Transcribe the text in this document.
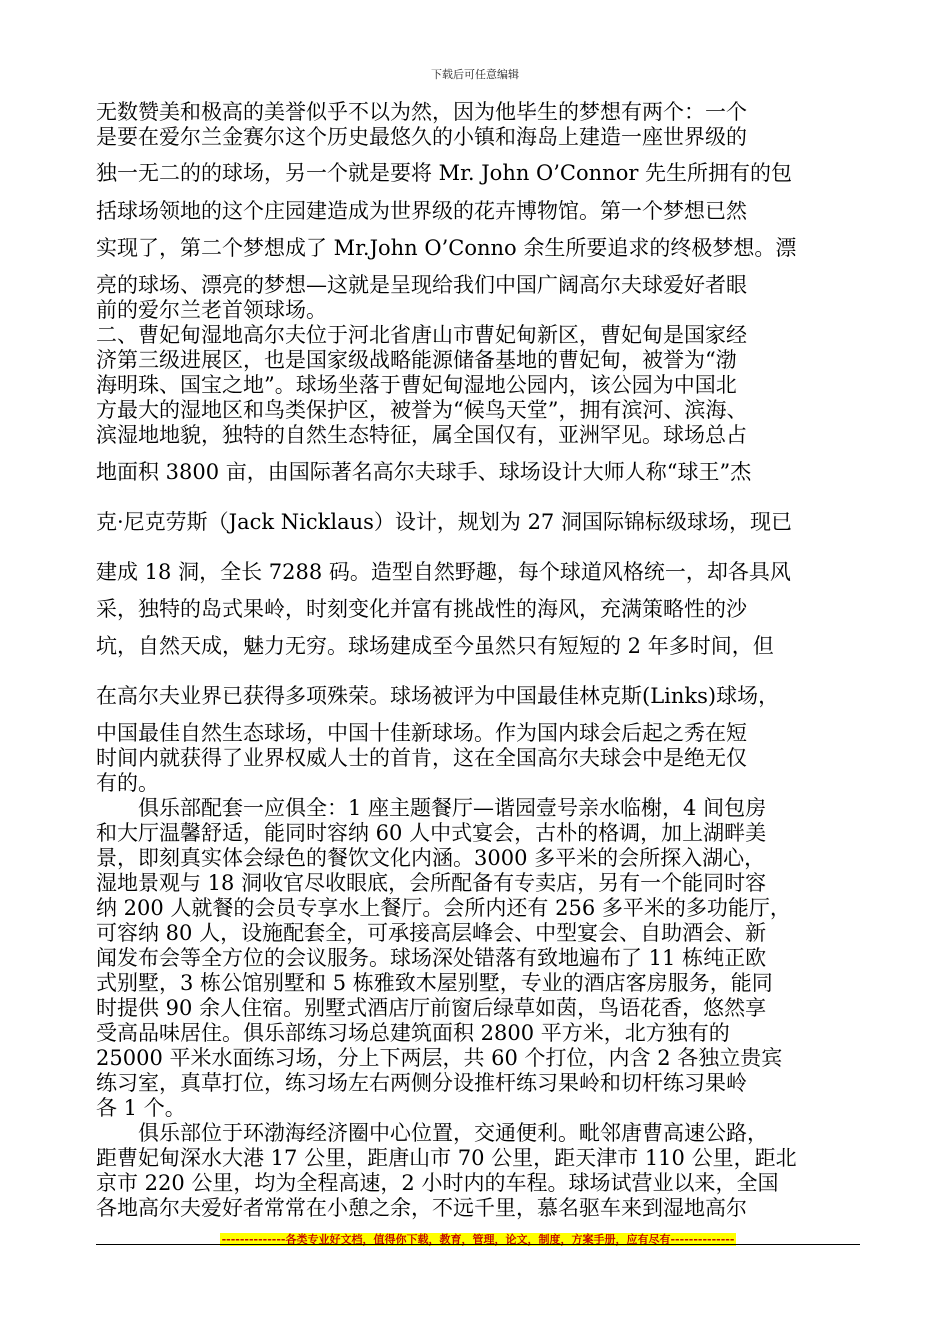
下载后可任意编辑
无数赞美和极高的美誉似乎不以为然，因为他毕生的梦想有两个：一个
是要在爱尔兰金赛尔这个历史最悠久的小镇和海岛上建造一座世界级的
独一无二的的球场，另一个就是要将 Mr. John O’Connor 先生所拥有的包
括球场领地的这个庄园建造成为世界级的花卉博物馆。第一个梦想已然
实现了，第二个梦想成了 Mr.John O’Conno 余生所要追求的终极梦想。漂
亮的球场、漂亮的梦想—这就是呈现给我们中国广阔高尔夫球爱好者眼
前的爱尔兰老首领球场。
二、曹妃甸湿地高尔夫位于河北省唐山市曹妃甸新区，曹妃甸是国家经
济第三级进展区，也是国家级战略能源储备基地的曹妃甸，被誉为“渤
海明珠、国宝之地”。球场坐落于曹妃甸湿地公园内，该公园为中国北
方最大的湿地区和鸟类保护区，被誉为“候鸟天堂”，拥有滨河、滨海、
滨湿地地貌，独特的自然生态特征，属全国仅有，亚洲罕见。球场总占
地面积 3800 亩，由国际著名高尔夫球手、球场设计大师人称“球王”杰
克·尼克劳斯（Jack Nicklaus）设计，规划为 27 洞国际锦标级球场，现已
建成 18 洞，全长 7288 码。造型自然野趣，每个球道风格统一，却各具风
采，独特的岛式果岭，时刻变化并富有挑战性的海风，充满策略性的沙
坑，自然天成，魅力无穷。球场建成至今虽然只有短短的 2 年多时间，但
在高尔夫业界已获得多项殊荣。球场被评为中国最佳林克斯(Links)球场，
中国最佳自然生态球场，中国十佳新球场。作为国内球会后起之秀在短
时间内就获得了业界权威人士的首肯，这在全国高尔夫球会中是绝无仅
有的。
　　俱乐部配套一应俱全：1 座主题餐厅—谐园壹号亲水临榭，4 间包房
和大厅温馨舒适，能同时容纳 60 人中式宴会，古朴的格调，加上湖畔美
景，即刻真实体会绿色的餐饮文化内涵。3000 多平米的会所探入湖心，
湿地景观与 18 洞收官尽收眼底，会所配备有专卖店，另有一个能同时容
纳 200 人就餐的会员专享水上餐厅。会所内还有 256 多平米的多功能厅，
可容纳 80 人，设施配套全，可承接高层峰会、中型宴会、自助酒会、新
闻发布会等全方位的会议服务。球场深处错落有致地遍布了 11 栋纯正欧
式别墅，3 栋公馆别墅和 5 栋雅致木屋别墅，专业的酒店客房服务，能同
时提供 90 余人住宿。别墅式酒店厅前窗后绿草如茵，鸟语花香，悠然享
受高品味居住。俱乐部练习场总建筑面积 2800 平方米，北方独有的
25000 平米水面练习场，分上下两层，共 60 个打位，内含 2 各独立贵宾
练习室，真草打位，练习场左右两侧分设推杆练习果岭和切杆练习果岭
各 1 个。
　　俱乐部位于环渤海经济圈中心位置，交通便利。毗邻唐曹高速公路，
距曹妃甸深水大港 17 公里，距唐山市 70 公里，距天津市 110 公里，距北
京市 220 公里，均为全程高速，2 小时内的车程。球场试营业以来，全国
各地高尔夫爱好者常常在小憩之余，不远千里，慕名驱车来到湿地高尔
--------------各类专业好文档，值得你下载，教育，管理，论文，制度，方案手册，应有尽有--------------
